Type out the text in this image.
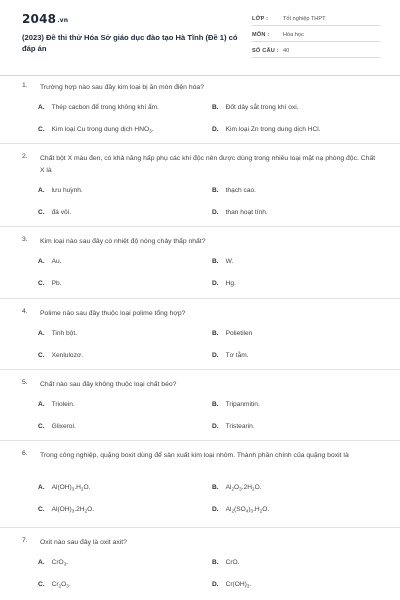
2048.vn
(2023) Đề thi thử Hóa Sở giáo dục đào tạo Hà Tĩnh (Đề 1) có đáp án
LỚP :	Tốt nghiệp THPT
MÔN : Hóa học
SỐ CÂU : 40
1. Trường hợp nào sau đây kim loại bị ăn mòn điện hóa?
A. Thép cacbon để trong không khí ẩm.	B. Đốt dây sắt trong khí oxi.
C. Kim loại Cu trong dung dịch $HNO_3$.	D. Kim loại Zn trong dung dịch HCl.
2. Chất bột X màu đen, có khả năng hấp phụ các khí độc nên được dùng trong nhiều loại mặt nạ phòng độc. Chất X là
A. lưu huỳnh.	B. thạch cao.
C. đá vôi.	D. than hoạt tính.
3. Kim loại nào sau đây có nhiệt độ nóng chảy thấp nhất?
A. Au.	B. W.
C. Pb.	D. Hg.
4. Polime nào sau đây thuộc loại polime tổng hợp?
A. Tinh bột.	B. Polietilen
C. Xenlulozơ.	D. Tơ tằm.
5. Chất nào sau đây không thuộc loại chất béo?
A. Triolein.	B. Tripanmitin.
C. Glixerol.	D. Tristearin.
6. Trong công nghiệp, quặng boxit dùng để sản xuất kim loại nhôm. Thành phần chính của quặng boxit là
A. $Al(OH)_3.H_2O$.	B. $Al_2O_3.2H_2O$.
C. $Al(OH)_3.2H_2O$.	D. $Al_2(SO_4)_3.H_2O$.
7. Oxit nào sau đây là oxit axit?
A. CrO$_3$.	B. CrO.
C. $Cr_2O_3$.	D. $Cr(OH)_3$.
